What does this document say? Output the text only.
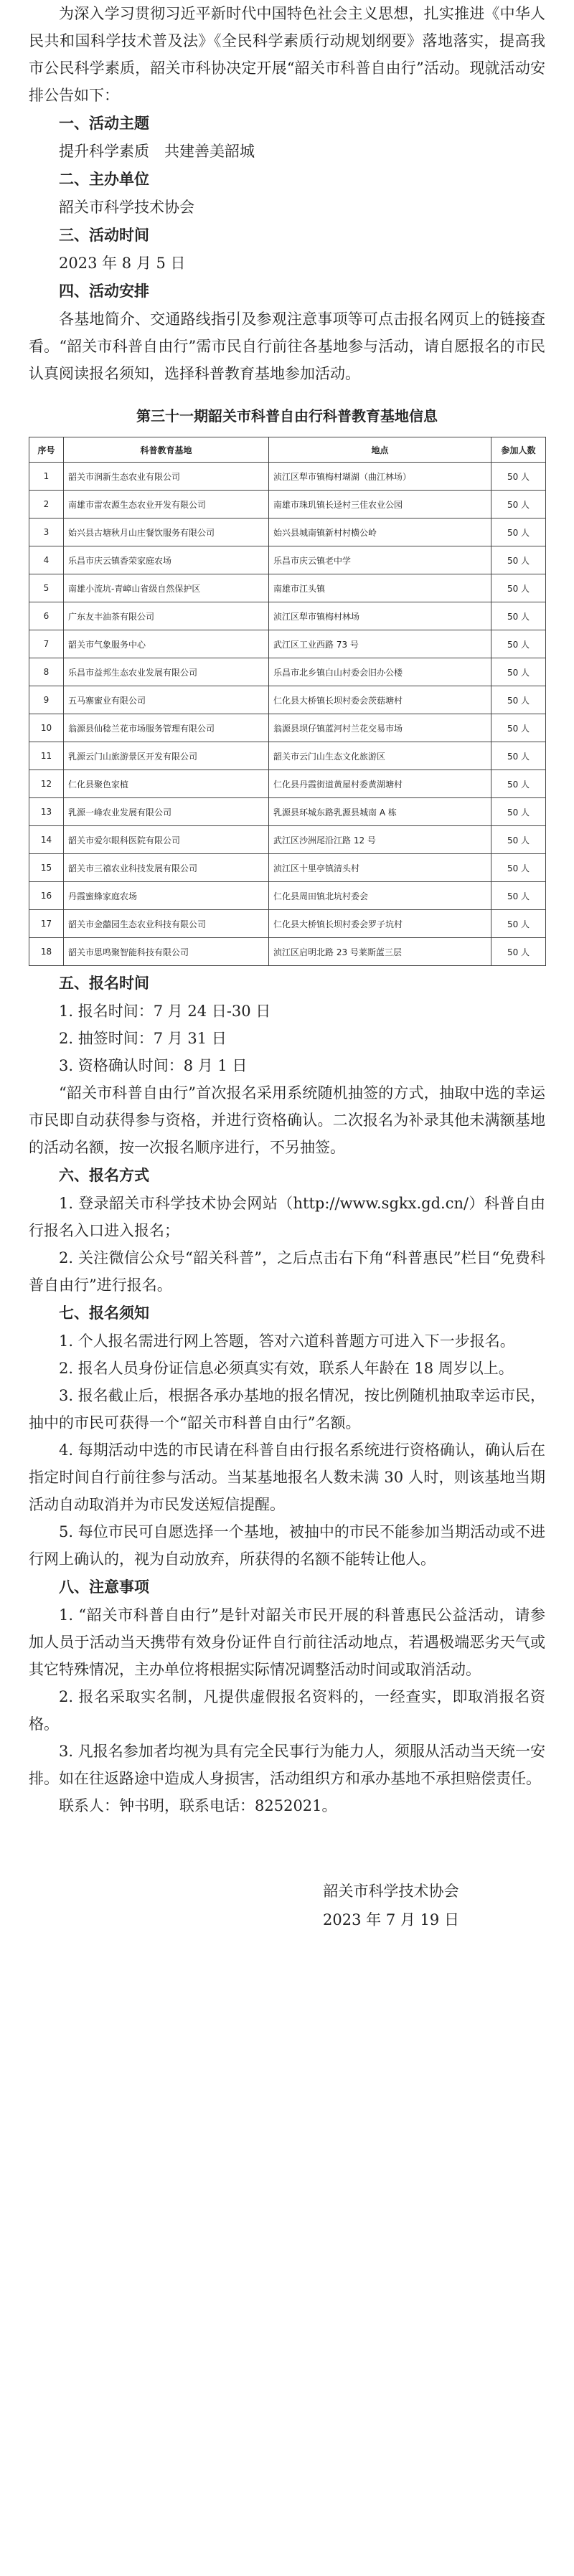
为深入学习贯彻习近平新时代中国特色社会主义思想，扎实推进《中华人民共和国科学技术普及法》《全民科学素质行动规划纲要》落地落实，提高我市公民科学素质，韶关市科协决定开展“韶关市科普自由行”活动。现就活动安排公告如下：

一、活动主题

提升科学素质　共建善美韶城

二、主办单位

韶关市科学技术协会

三、活动时间

2023 年 8 月 5 日

四、活动安排

各基地简介、交通路线指引及参观注意事项等可点击报名网页上的链接查看。“韶关市科普自由行”需市民自行前往各基地参与活动，请自愿报名的市民认真阅读报名须知，选择科普教育基地参加活动。

第三十一期韶关市科普自由行科普教育基地信息
序号	科普教育基地	地点	参加人数
1	韶关市润新生态农业有限公司	浈江区犁市镇梅村瑚湖（曲江林场）	50 人
2	南雄市雷农源生态农业开发有限公司	南雄市珠玑镇长迳村三佳农业公园	50 人
3	始兴县古塘秋月山庄餐饮服务有限公司	始兴县城南镇新村村横公岭	50 人
4	乐昌市庆云镇香荣家庭农场	乐昌市庆云镇老中学	50 人
5	南雄小流坑-青嶂山省级自然保护区	南雄市江头镇	50 人
6	广东友丰油茶有限公司	浈江区犁市镇梅村林场	50 人
7	韶关市气象服务中心	武江区工业西路 73 号	50 人
8	乐昌市益邦生态农业发展有限公司	乐昌市北乡镇白山村委会旧办公楼	50 人
9	五马寨蜜业有限公司	仁化县大桥镇长坝村委会茨菇塘村	50 人
10	翁源县仙稔兰花市场服务管理有限公司	翁源县坝仔镇蓝河村兰花交易市场	50 人
11	乳源云门山旅游景区开发有限公司	韶关市云门山生态文化旅游区	50 人
12	仁化县聚色家植	仁化县丹霞街道黄屋村委黄湖塘村	50 人
13	乳源一峰农业发展有限公司	乳源县环城东路乳源县城南 A 栋	50 人
14	韶关市爱尔眼科医院有限公司	武江区沙洲尾沿江路 12 号	50 人
15	韶关市三禧农业科技发展有限公司	浈江区十里亭镇清头村	50 人
16	丹霞蜜蜂家庭农场	仁化县周田镇北坑村委会	50 人
17	韶关市金囍园生态农业科技有限公司	仁化县大桥镇长坝村委会罗子坑村	50 人
18	韶关市思鸣聚智能科技有限公司	浈江区启明北路 23 号莱斯蓝三层	50 人
五、报名时间

1. 报名时间：7 月 24 日-30 日

2. 抽签时间：7 月 31 日

3. 资格确认时间：8 月 1 日

“韶关市科普自由行”首次报名采用系统随机抽签的方式，抽取中选的幸运市民即自动获得参与资格，并进行资格确认。二次报名为补录其他未满额基地的活动名额，按一次报名顺序进行，不另抽签。

六、报名方式

1. 登录韶关市科学技术协会网站（http://www.sgkx.gd.cn/）科普自由行报名入口进入报名；

2. 关注微信公众号“韶关科普”，之后点击右下角“科普惠民”栏目“免费科普自由行”进行报名。

七、报名须知

1. 个人报名需进行网上答题，答对六道科普题方可进入下一步报名。

2. 报名人员身份证信息必须真实有效，联系人年龄在 18 周岁以上。

3. 报名截止后，根据各承办基地的报名情况，按比例随机抽取幸运市民，抽中的市民可获得一个“韶关市科普自由行”名额。

4. 每期活动中选的市民请在科普自由行报名系统进行资格确认，确认后在指定时间自行前往参与活动。当某基地报名人数未满 30 人时，则该基地当期活动自动取消并为市民发送短信提醒。

5. 每位市民可自愿选择一个基地，被抽中的市民不能参加当期活动或不进行网上确认的，视为自动放弃，所获得的名额不能转让他人。

八、注意事项

1. “韶关市科普自由行”是针对韶关市民开展的科普惠民公益活动，请参加人员于活动当天携带有效身份证件自行前往活动地点，若遇极端恶劣天气或其它特殊情况，主办单位将根据实际情况调整活动时间或取消活动。

2. 报名采取实名制，凡提供虚假报名资料的，一经查实，即取消报名资格。

3. 凡报名参加者均视为具有完全民事行为能力人，须服从活动当天统一安排。如在往返路途中造成人身损害，活动组织方和承办基地不承担赔偿责任。

联系人：钟书明，联系电话：8252021。

韶关市科学技术协会
2023 年 7 月 19 日
